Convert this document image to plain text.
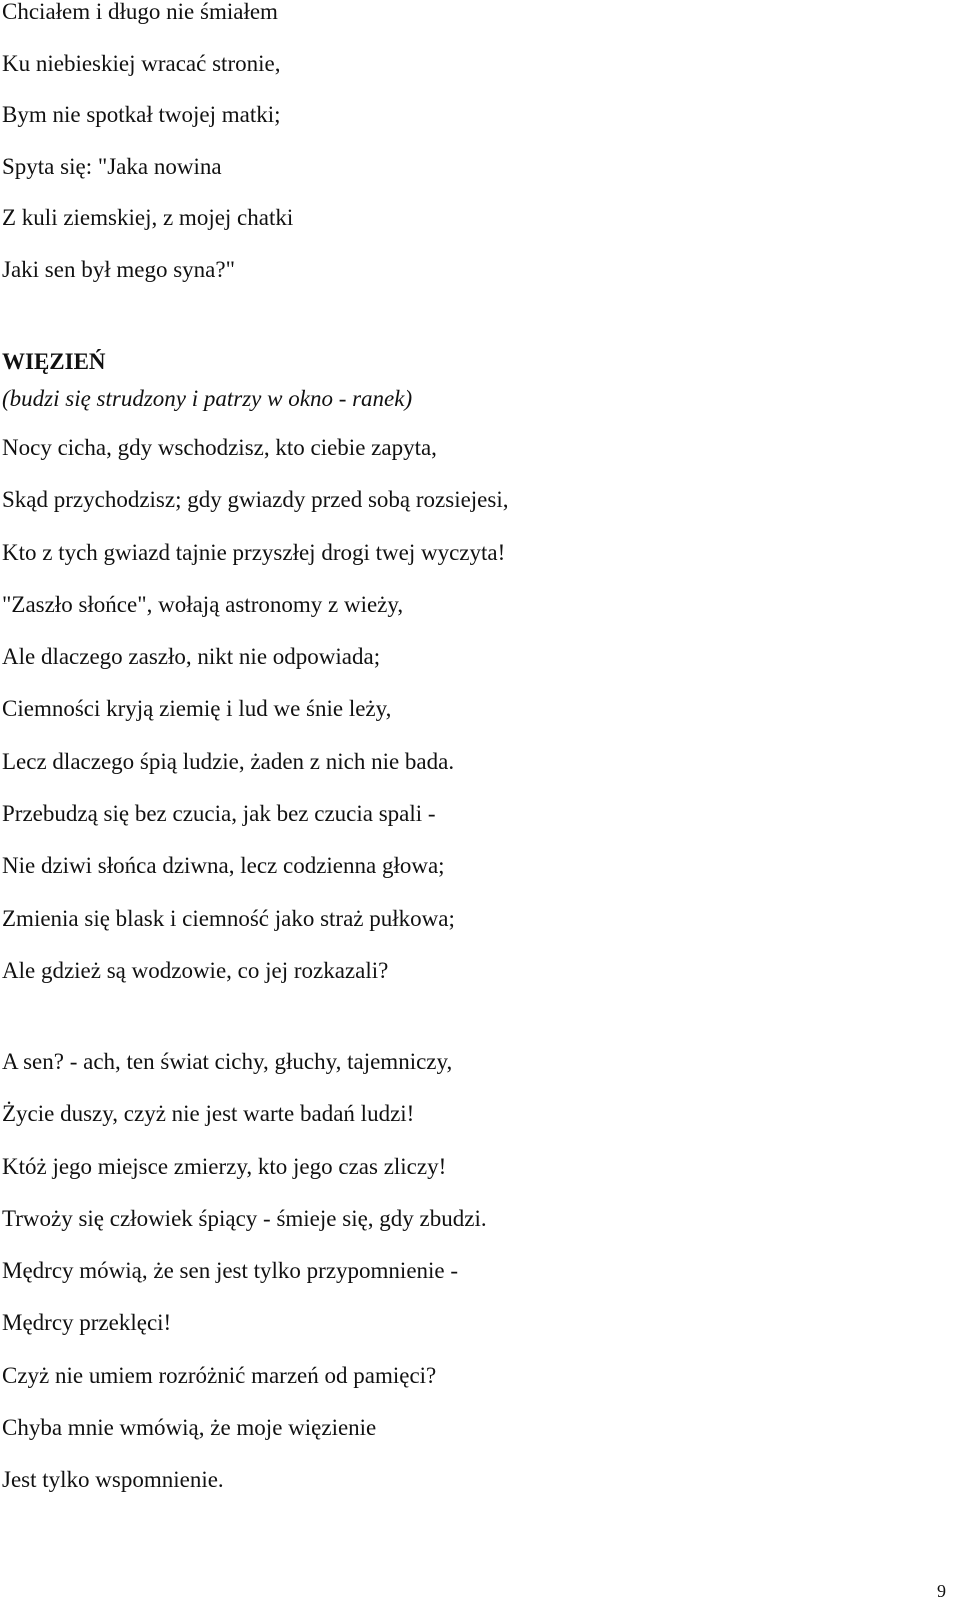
Chciałem i długo nie śmiałem
Ku niebieskiej wracać stronie,
Bym nie spotkał twojej matki;
Spyta się: "Jaka nowina
Z kuli ziemskiej, z mojej chatki
Jaki sen był mego syna?"
WIĘZIEŃ
(budzi się strudzony i patrzy w okno - ranek)
Nocy cicha, gdy wschodzisz, kto ciebie zapyta,
Skąd przychodzisz; gdy gwiazdy przed sobą rozsiejesi,
Kto z tych gwiazd tajnie przyszłej drogi twej wyczyta!
"Zaszło słońce", wołają astronomy z wieży,
Ale dlaczego zaszło, nikt nie odpowiada;
Ciemności kryją ziemię i lud we śnie leży,
Lecz dlaczego śpią ludzie, żaden z nich nie bada.
Przebudzą się bez czucia, jak bez czucia spali -
Nie dziwi słońca dziwna, lecz codzienna głowa;
Zmienia się blask i ciemność jako straż pułkowa;
Ale gdzież są wodzowie, co jej rozkazali?
A sen? - ach, ten świat cichy, głuchy, tajemniczy,
Życie duszy, czyż nie jest warte badań ludzi!
Któż jego miejsce zmierzy, kto jego czas zliczy!
Trwoży się człowiek śpiący - śmieje się, gdy zbudzi.
Mędrcy mówią, że sen jest tylko przypomnienie -
Mędrcy przeklęci!
Czyż nie umiem rozróżnić marzeń od pamięci?
Chyba mnie wmówią, że moje więzienie
Jest tylko wspomnienie.
9
